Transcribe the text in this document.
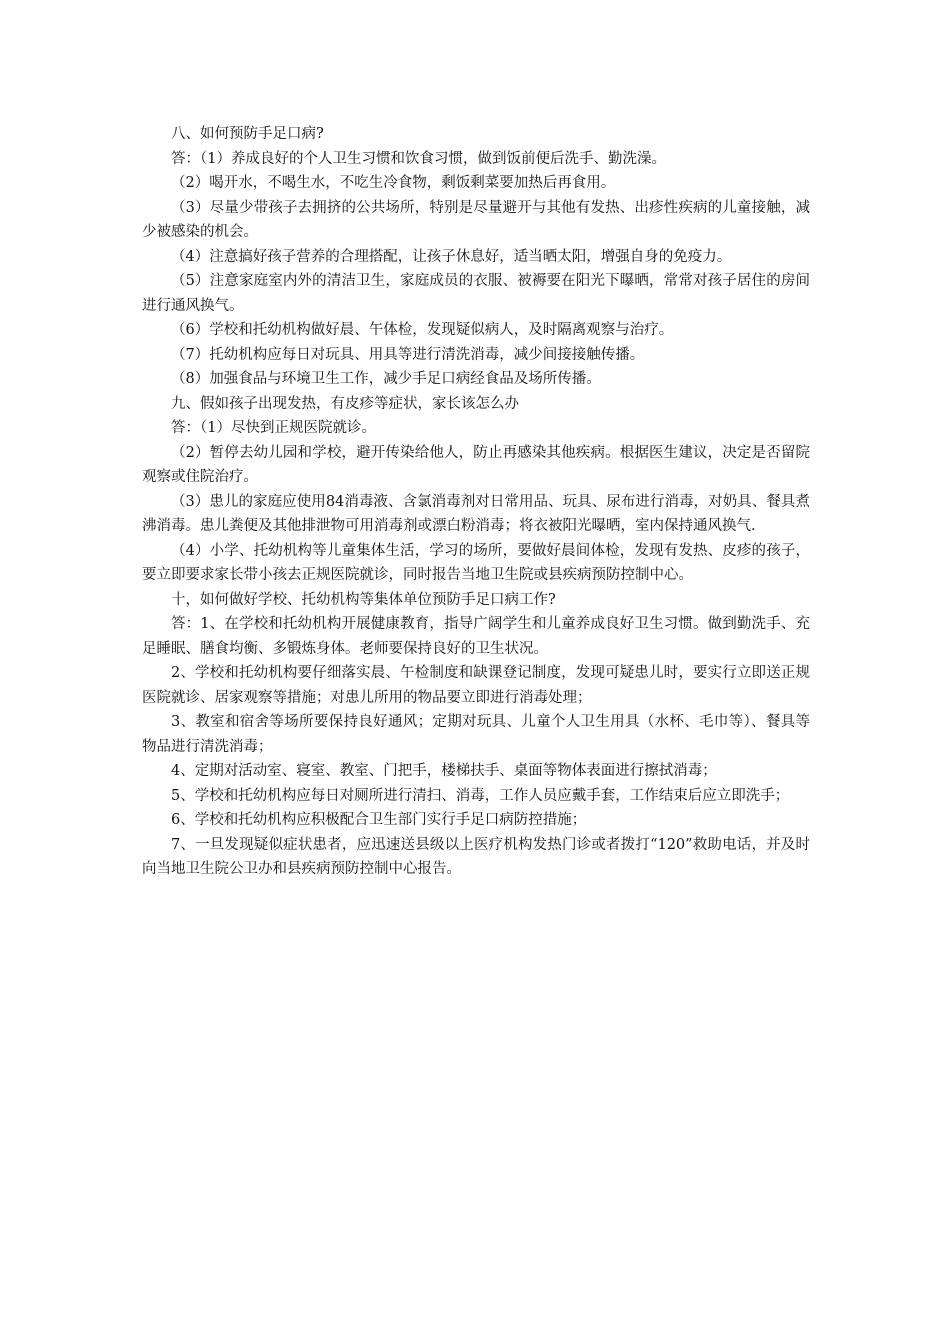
八、如何预防手足口病?

答：（1）养成良好的个人卫生习惯和饮食习惯，做到饭前便后洗手、勤洗澡。

（2）喝开水，不喝生水，不吃生冷食物，剩饭剩菜要加热后再食用。

（3）尽量少带孩子去拥挤的公共场所，特别是尽量避开与其他有发热、出疹性疾病的儿童接触，减少被感染的机会。

（4）注意搞好孩子营养的合理搭配，让孩子休息好，适当晒太阳，增强自身的免疫力。

（5）注意家庭室内外的清洁卫生，家庭成员的衣服、被褥要在阳光下曝晒，常常对孩子居住的房间进行通风换气。

（6）学校和托幼机构做好晨、午体检，发现疑似病人，及时隔离观察与治疗。

（7）托幼机构应每日对玩具、用具等进行清洗消毒，减少间接接触传播。

（8）加强食品与环境卫生工作，减少手足口病经食品及场所传播。

九、假如孩子出现发热，有皮疹等症状，家长该怎么办

答：（1）尽快到正规医院就诊。

（2）暂停去幼儿园和学校，避开传染给他人，防止再感染其他疾病。根据医生建议，决定是否留院观察或住院治疗。

（3）患儿的家庭应使用84消毒液、含氯消毒剂对日常用品、玩具、尿布进行消毒，对奶具、餐具煮沸消毒。患儿粪便及其他排泄物可用消毒剂或漂白粉消毒；将衣被阳光曝晒，室内保持通风换气.

（4）小学、托幼机构等儿童集体生活，学习的场所，要做好晨间体检，发现有发热、皮疹的孩子，要立即要求家长带小孩去正规医院就诊，同时报告当地卫生院或县疾病预防控制中心。

十，如何做好学校、托幼机构等集体单位预防手足口病工作?

答：1、在学校和托幼机构开展健康教育，指导广阔学生和儿童养成良好卫生习惯。做到勤洗手、充足睡眠、膳食均衡、多锻炼身体。老师要保持良好的卫生状况。

2、学校和托幼机构要仔细落实晨、午检制度和缺课登记制度，发现可疑患儿时，要实行立即送正规医院就诊、居家观察等措施；对患儿所用的物品要立即进行消毒处理；

3、教室和宿舍等场所要保持良好通风；定期对玩具、儿童个人卫生用具（水杯、毛巾等）、餐具等物品进行清洗消毒；

4、定期对活动室、寝室、教室、门把手，楼梯扶手、桌面等物体表面进行擦拭消毒；

5、学校和托幼机构应每日对厕所进行清扫、消毒，工作人员应戴手套，工作结束后应立即洗手；

6、学校和托幼机构应积极配合卫生部门实行手足口病防控措施；

7、一旦发现疑似症状患者，应迅速送县级以上医疗机构发热门诊或者拨打“120”救助电话，并及时向当地卫生院公卫办和县疾病预防控制中心报告。
